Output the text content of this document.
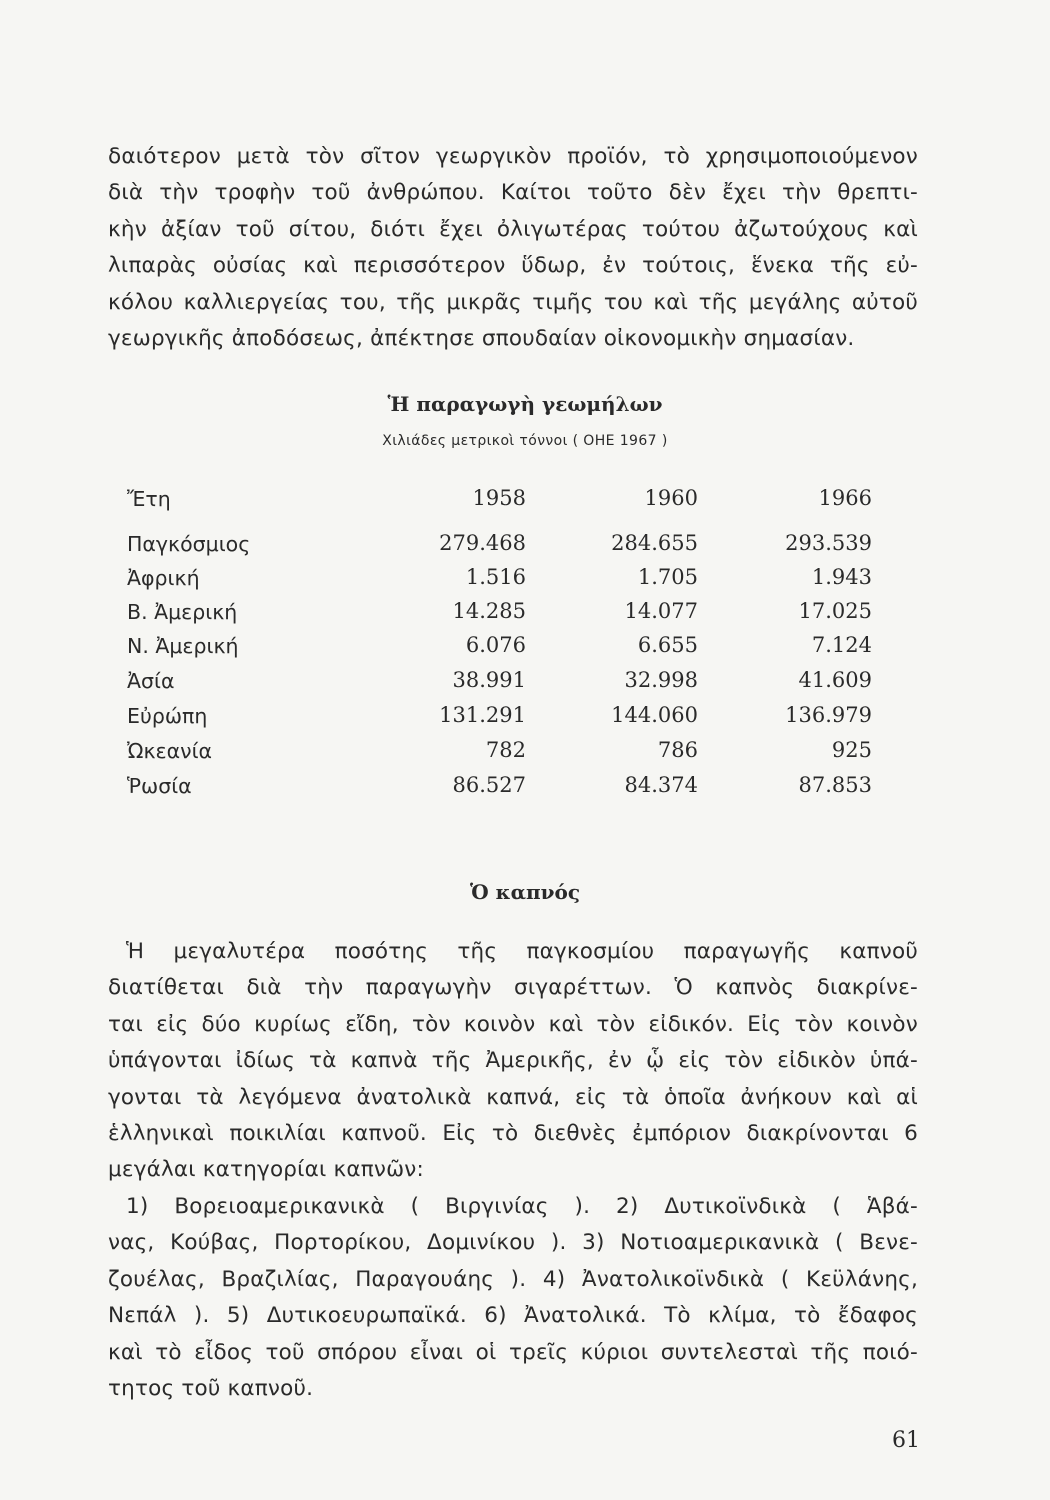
δαιότερον μετὰ τὸν σῖτον γεωργικὸν προϊόν, τὸ χρησιμοποιούμενον
διὰ τὴν τροφὴν τοῦ ἀνθρώπου. Καίτοι τοῦτο δὲν ἔχει τὴν θρεπτι-
κὴν ἀξίαν τοῦ σίτου, διότι ἔχει ὀλιγωτέρας τούτου ἀζωτούχους καὶ
λιπαρὰς οὐσίας καὶ περισσότερον ὕδωρ, ἐν τούτοις, ἕνεκα τῆς εὐ-
κόλου καλλιεργείας του, τῆς μικρᾶς τιμῆς του καὶ τῆς μεγάλης αὐτοῦ
γεωργικῆς ἀποδόσεως, ἀπέκτησε σπουδαίαν οἰκονομικὴν σημασίαν.
Ἡ παραγωγὴ γεωμήλων
Χιλιάδες μετρικοὶ τόννοι ( ΟΗΕ 1967 )
Ἔτη	1958	1960	1966
Παγκόσμιος	279.468	284.655	293.539
Ἀφρική	1.516	1.705	1.943
Β. Ἀμερική	14.285	14.077	17.025
Ν. Ἀμερική	6.076	6.655	7.124
Ἀσία	38.991	32.998	41.609
Εὐρώπη	131.291	144.060	136.979
Ὠκεανία	782	786	925
Ῥωσία	86.527	84.374	87.853
Ὁ καπνός
Ἡ μεγαλυτέρα ποσότης τῆς παγκοσμίου παραγωγῆς καπνοῦ
διατίθεται διὰ τὴν παραγωγὴν σιγαρέττων. Ὁ καπνὸς διακρίνε-
ται εἰς δύο κυρίως εἴδη, τὸν κοινὸν καὶ τὸν εἰδικόν. Εἰς τὸν κοινὸν
ὑπάγονται ἰδίως τὰ καπνὰ τῆς Ἀμερικῆς, ἐν ᾧ εἰς τὸν εἰδικὸν ὑπά-
γονται τὰ λεγόμενα ἀνατολικὰ καπνά, εἰς τὰ ὁποῖα ἀνήκουν καὶ αἱ
ἑλληνικαὶ ποικιλίαι καπνοῦ. Εἰς τὸ διεθνὲς ἐμπόριον διακρίνονται 6
μεγάλαι κατηγορίαι καπνῶν:
1) Βορειοαμερικανικὰ ( Βιργινίας ). 2) Δυτικοϊνδικὰ ( Ἁβά-
νας, Κούβας, Πορτορίκου, Δομινίκου ). 3) Νοτιοαμερικανικὰ ( Βενε-
ζουέλας, Βραζιλίας, Παραγουάης ). 4) Ἀνατολικοϊνδικὰ ( Κεϋλάνης,
Νεπάλ ). 5) Δυτικοευρωπαϊκά. 6) Ἀνατολικά. Τὸ κλίμα, τὸ ἔδαφος
καὶ τὸ εἶδος τοῦ σπόρου εἶναι οἱ τρεῖς κύριοι συντελεσταὶ τῆς ποιό-
τητος τοῦ καπνοῦ.
61
